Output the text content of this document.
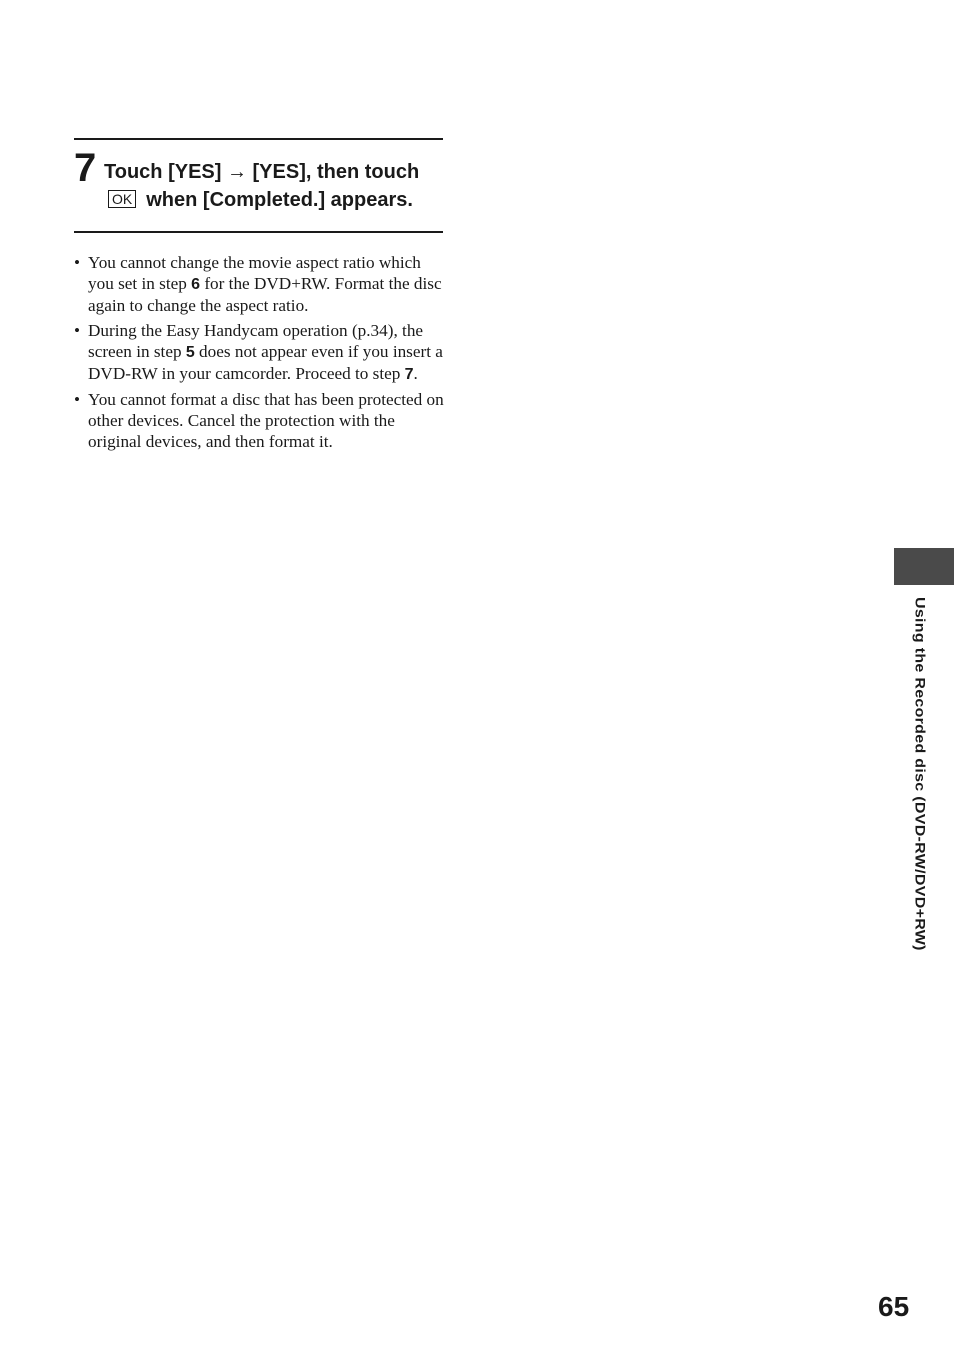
7 Touch [YES] → [YES], then touch
OK when [Completed.] appears.
• You cannot change the movie aspect ratio which you set in step 6 for the DVD+RW. Format the disc again to change the aspect ratio.
• During the Easy Handycam operation (p.34), the screen in step 5 does not appear even if you insert a DVD-RW in your camcorder. Proceed to step 7.
• You cannot format a disc that has been protected on other devices. Cancel the protection with the original devices, and then format it.
Using the Recorded disc (DVD-RW/DVD+RW)
65
